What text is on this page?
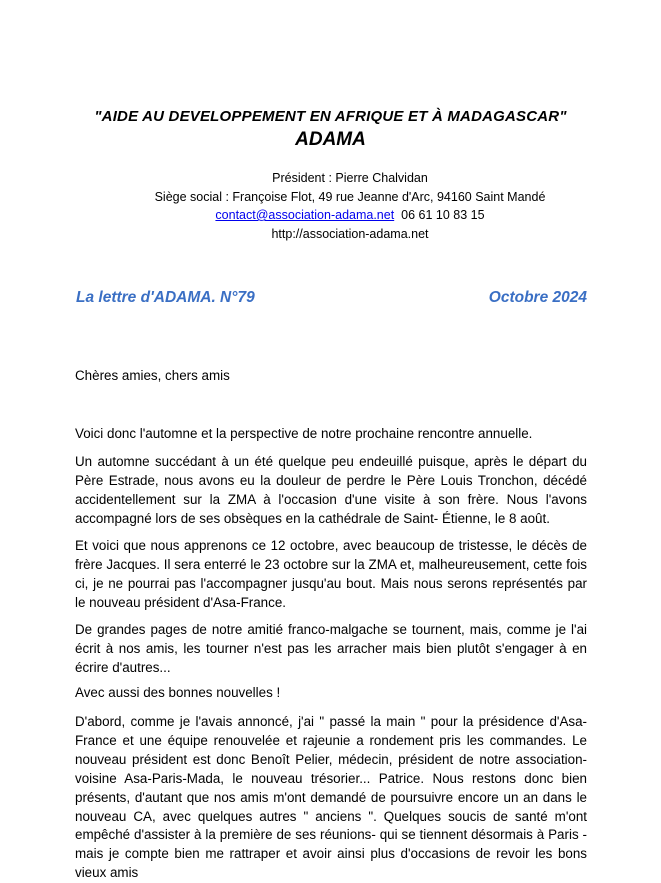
"AIDE AU DEVELOPPEMENT EN AFRIQUE ET À MADAGASCAR"
ADAMA
Président : Pierre Chalvidan
Siège social : Françoise Flot, 49 rue Jeanne d'Arc, 94160 Saint Mandé
contact@association-adama.net 06 61 10 83 15
http://association-adama.net
La lettre d'ADAMA. N°79	Octobre 2024
Chères amies, chers amis
Voici donc l'automne et la perspective de notre prochaine rencontre annuelle.
Un automne succédant à un été quelque peu endeuillé puisque, après le départ du Père Estrade, nous avons eu la douleur de perdre le Père Louis Tronchon, décédé accidentellement sur la ZMA à l'occasion d'une visite à son frère. Nous l'avons accompagné lors de ses obsèques en la cathédrale de Saint- Étienne, le 8 août.
Et voici que nous apprenons ce 12 octobre, avec beaucoup de tristesse, le décès de frère Jacques. Il sera enterré le 23 octobre sur la ZMA et, malheureusement, cette fois ci, je ne pourrai pas l'accompagner jusqu'au bout. Mais nous serons représentés par le nouveau président d'Asa-France.
De grandes pages de notre amitié franco-malgache se tournent, mais, comme je l'ai écrit à nos amis, les tourner n'est pas les arracher mais bien plutôt s'engager à en écrire d'autres...
Avec aussi des bonnes nouvelles !
D'abord, comme je l'avais annoncé, j'ai " passé la main " pour la présidence d'Asa-France et une équipe renouvelée et rajeunie a rondement pris les commandes. Le nouveau président est donc Benoît Pelier, médecin, président de notre association-voisine Asa-Paris-Mada, le nouveau trésorier... Patrice. Nous restons donc bien présents, d'autant que nos amis m'ont demandé de poursuivre encore un an dans le nouveau CA, avec quelques autres " anciens ". Quelques soucis de santé m'ont empêché d'assister à la première de ses réunions- qui se tiennent désormais à Paris - mais je compte bien me rattraper et avoir ainsi plus d'occasions de revoir les bons vieux amis
